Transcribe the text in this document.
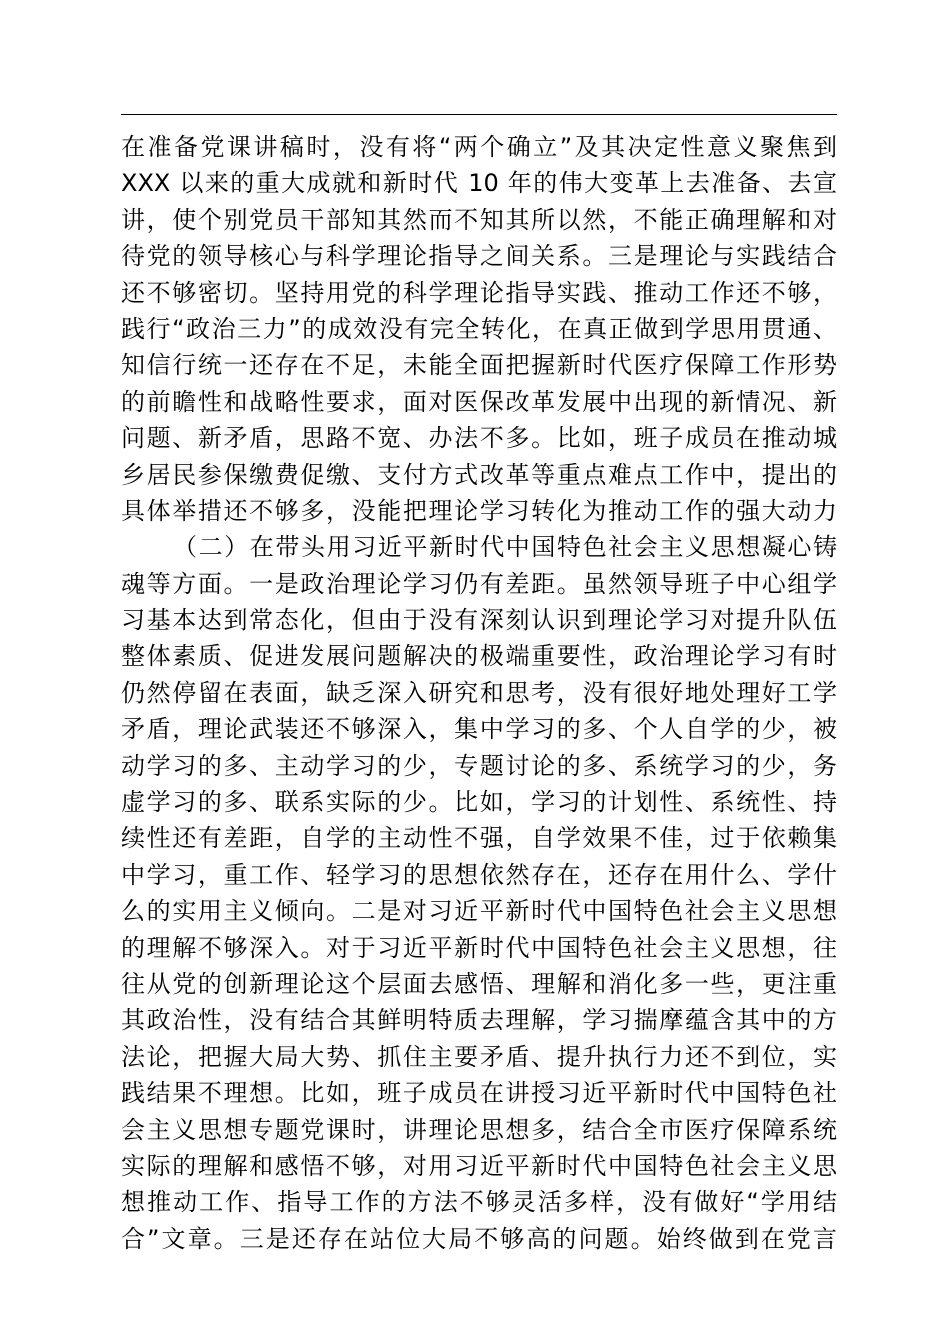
在准备党课讲稿时，没有将“两个确立”及其决定性意义聚焦到
XXX 以来的重大成就和新时代 10 年的伟大变革上去准备、去宣
讲，使个别党员干部知其然而不知其所以然，不能正确理解和对
待党的领导核心与科学理论指导之间关系。三是理论与实践结合
还不够密切。坚持用党的科学理论指导实践、推动工作还不够，
践行“政治三力”的成效没有完全转化，在真正做到学思用贯通、
知信行统一还存在不足，未能全面把握新时代医疗保障工作形势
的前瞻性和战略性要求，面对医保改革发展中出现的新情况、新
问题、新矛盾，思路不宽、办法不多。比如，班子成员在推动城
乡居民参保缴费促缴、支付方式改革等重点难点工作中，提出的
具体举措还不够多，没能把理论学习转化为推动工作的强大动力
（二）在带头用习近平新时代中国特色社会主义思想凝心铸
魂等方面。一是政治理论学习仍有差距。虽然领导班子中心组学
习基本达到常态化，但由于没有深刻认识到理论学习对提升队伍
整体素质、促进发展问题解决的极端重要性，政治理论学习有时
仍然停留在表面，缺乏深入研究和思考，没有很好地处理好工学
矛盾，理论武装还不够深入，集中学习的多、个人自学的少，被
动学习的多、主动学习的少，专题讨论的多、系统学习的少，务
虚学习的多、联系实际的少。比如，学习的计划性、系统性、持
续性还有差距，自学的主动性不强，自学效果不佳，过于依赖集
中学习，重工作、轻学习的思想依然存在，还存在用什么、学什
么的实用主义倾向。二是对习近平新时代中国特色社会主义思想
的理解不够深入。对于习近平新时代中国特色社会主义思想，往
往从党的创新理论这个层面去感悟、理解和消化多一些，更注重
其政治性，没有结合其鲜明特质去理解，学习揣摩蕴含其中的方
法论，把握大局大势、抓住主要矛盾、提升执行力还不到位，实
践结果不理想。比如，班子成员在讲授习近平新时代中国特色社
会主义思想专题党课时，讲理论思想多，结合全市医疗保障系统
实际的理解和感悟不够，对用习近平新时代中国特色社会主义思
想推动工作、指导工作的方法不够灵活多样，没有做好“学用结
合”文章。三是还存在站位大局不够高的问题。始终做到在党言
